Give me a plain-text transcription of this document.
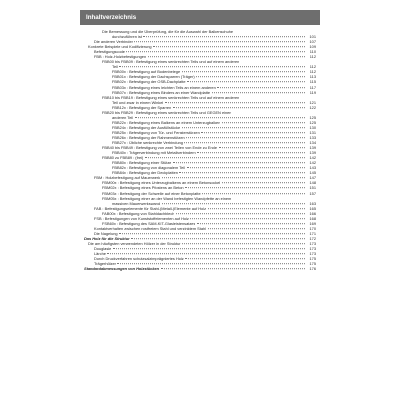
Inhaltverzeichnis
Die Bemessung und die Überprüfung, die für die Auswahl der Balkenschuhe
durchzuführen ist	101
Die anderen Verbinder	107
Konkrete Beispiele und Kodifizierung	109
Befestigungscode	110
FBB : Holz-Holzbefestigungen	112
FBB00 bis FBB09 : Befestigung eines senkrechten Teils und auf einem anderen
Teil	112
FBB00x : Befestigung auf Bodenbelege	112
FBB01x : Befestigung der Dachsparren (Träger)	113
FBB02x : Befestigung der OSB-Dachplatte	115
FBB03x : Befestigung eines leichten Teils an einem anderen	117
FBB07x : Befestigung eines Binders an einer Wandplatte	119
FBB10 bis FBB19 : Befestigung eines senkrechten Teils und auf einem anderen
Teil und zwar in einem Winkel	121
FBB12x : Befestigung der Sparren	122
FBB20 bis FBB29 : Befestigung eines senkrechten Teils und GEGEN einen
anderen Teil	125
FBB22x : Befestigung eines Balkens an einem Unterzugbalken	125
FBB24x : Befestigung der Ausfüllstücke	130
FBB25x : Befestigung von Tür- und Fensterstürzen	131
FBB26x : Befestigung der Rahmenstützen	133
FBB27x : Übliche senkrechte Verbindung	134
FBB40 bis FBB49 : Befestigung von zwei Teilen von Ende zu Ende	139
FBB40x : Trägerverbindung mit Metallverbindern	139
FBB80 zu FBB89 : (frei)	142
FBB80x : Befestigung einer Stütze	142
FBB82x : Befestigung von diagonalem Teil	143
FBB84x : Befestigung der Deckplatten	145
FBM : Holzbefestigung auf Mauerwerk	147
FBM00x : Befestigung eines Unterzugbalkens an einem Betonsockel	148
FBM02x : Befestigung eines Pfostens an Beton	151
FBM03x : Befestigung der Schwelle auf einer Betonplatte	157
FBM05x : Befestigung einer an der Wand befestigten Wandpfette an einem
massiven Mauerwerkswand	163
FAB : Befestigungselemente für Stahl-(Metall-)Elemente auf Holz	165
FAB00x : Befestigung von Stahldachblech	166
FSB : Befestigungen von Kunststoffelementen auf Holz	168
FSB60x : Befestigung des SAM-KIT-Glasleistensatzes	169
Kontaktverhalten zwischen rostfreiem Stahl und verzinktem Stahl	170
Die Nagelung	171
Das Holz für die Struktur	172
Die am häufigsten verwendeten Hölzer in der Struktur	173
Douglasie	173
Lärche	173
Durch Druckverfahren schutzsalzimprägniertes Holz	175
Trägerhölzer	175
Standardabmessungen von Holzstücken	176
